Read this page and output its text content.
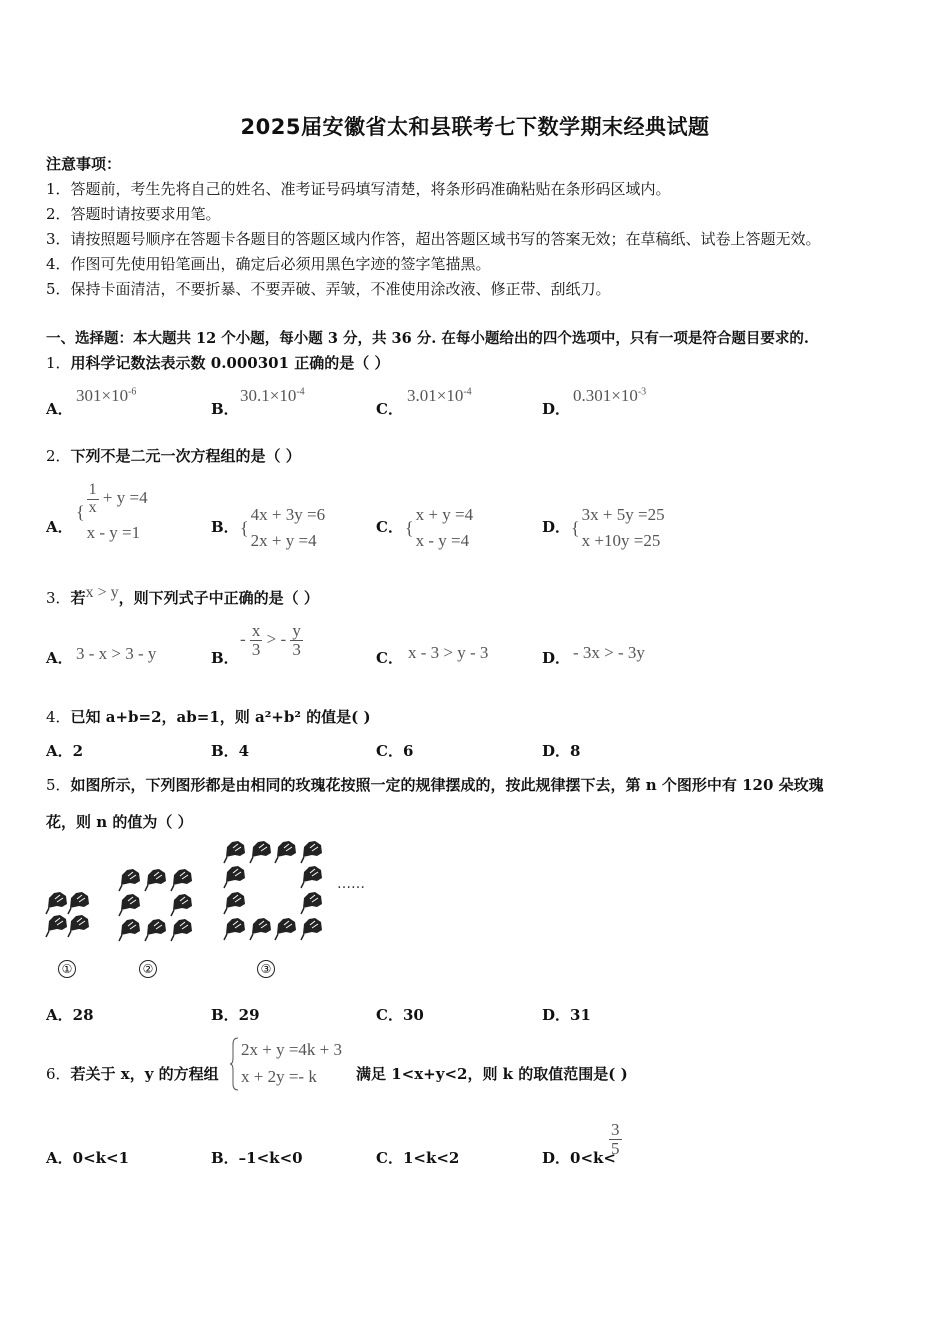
2025届安徽省太和县联考七下数学期末经典试题
注意事项：
1．答题前，考生先将自己的姓名、准考证号码填写清楚，将条形码准确粘贴在条形码区域内。
2．答题时请按要求用笔。
3．请按照题号顺序在答题卡各题目的答题区域内作答，超出答题区域书写的答案无效；在草稿纸、试卷上答题无效。
4．作图可先使用铅笔画出，确定后必须用黑色字迹的签字笔描黑。
5．保持卡面清洁，不要折暴、不要弄破、弄皱，不准使用涂改液、修正带、刮纸刀。
一、选择题：本大题共 12 个小题，每小题 3 分，共 36 分. 在每小题给出的四个选项中，只有一项是符合题目要求的.
1．用科学记数法表示数 0.000301 正确的是（ ）
A．
$301\times 10^{-6}$
B．
$30.1\times 10^{-4}$
C．
$3.01\times 10^{-4}$
D．
$0.301\times 10^{-3}$
2．下列不是二元一次方程组的是（ ）
A．
{ $\frac{1}{x} + y =4$
x - y =1	B． {
4x + 3y =6
2x + y =4
C． {
x + y =4
x - y =4
D． {
3x + 5y =25
x +10y =25
3．若x > y，则下列式子中正确的是（ ）
A． 3 - x > 3 - y	B．
- $\frac{x}{3}$ > - $\frac{y}{3}$	C． x - 3 > y - 3	D． - 3x > - 3y
4．已知 a+b=2，ab=1，则 a²+b² 的值是( )
A．2	B．4	C．6	D．8
5．如图所示，下列图形都是由相同的玫瑰花按照一定的规律摆成的，按此规律摆下去，第 n 个图形中有 120 朵玫瑰
花，则 n 的值为（ ）
……
①	②	③
A．28	B．29	C．30	D．31
6．若关于 x，y 的方程组
2x + y =4k + 3
x + 2y =- k	满足 1<x+y<2，则 k 的取值范围是( )
A．0<k<1	B．–1<k<0	C．1<k<2	D．0<k<
$\frac{3}{5}$
